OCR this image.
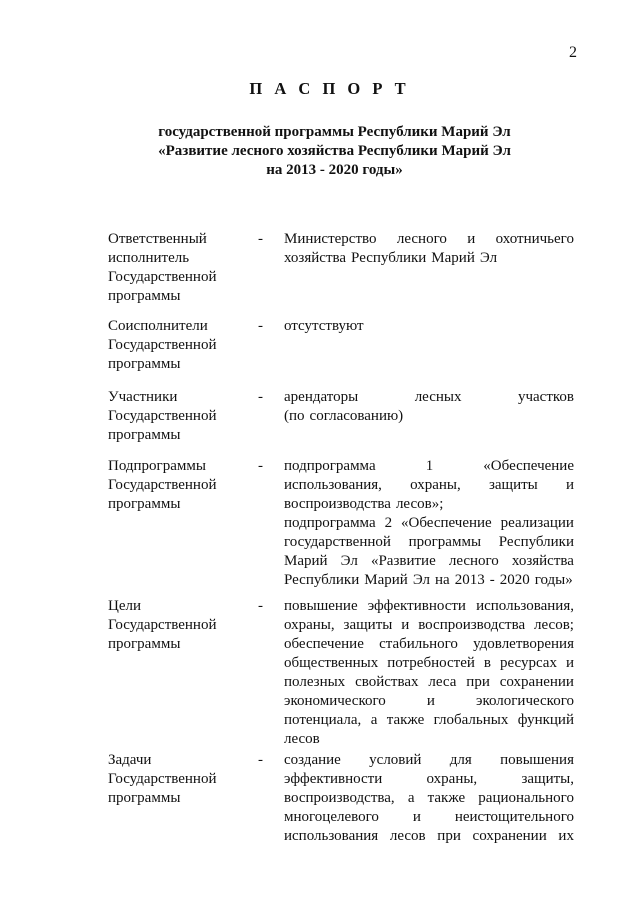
2
П А С П О Р Т
государственной программы Республики Марий Эл
«Развитие лесного хозяйства Республики Марий Эл
на 2013 - 2020 годы»
Ответственный
исполнитель
Государственной
программы
-	Министерство лесного и охотничьего
хозяйства Республики Марий Эл
Соисполнители
Государственной
программы
-	отсутствуют
Участники
Государственной
программы
-	арендаторы	лесных	участков
(по согласованию)
Подпрограммы
Государственной
программы
-	подпрограмма	1	«Обеспечение
использования, охраны, защиты и
воспроизводства лесов»;
подпрограмма 2 «Обеспечение реализации
государственной программы Республики
Марий Эл «Развитие лесного хозяйства
Республики Марий Эл на 2013 - 2020 годы»
Цели
Государственной
программы
-	повышение эффективности использования,
охраны, защиты и воспроизводства лесов;
обеспечение стабильного удовлетворения
общественных потребностей в ресурсах и
полезных свойствах леса при сохранении
экономического	и	экологического
потенциала, а также глобальных функций
лесов
Задачи
Государственной
программы
-	создание условий для повышения
эффективности	охраны,	защиты,
воспроизводства, а также рационального
многоцелевого и неистощительного
использования лесов при сохранении их
